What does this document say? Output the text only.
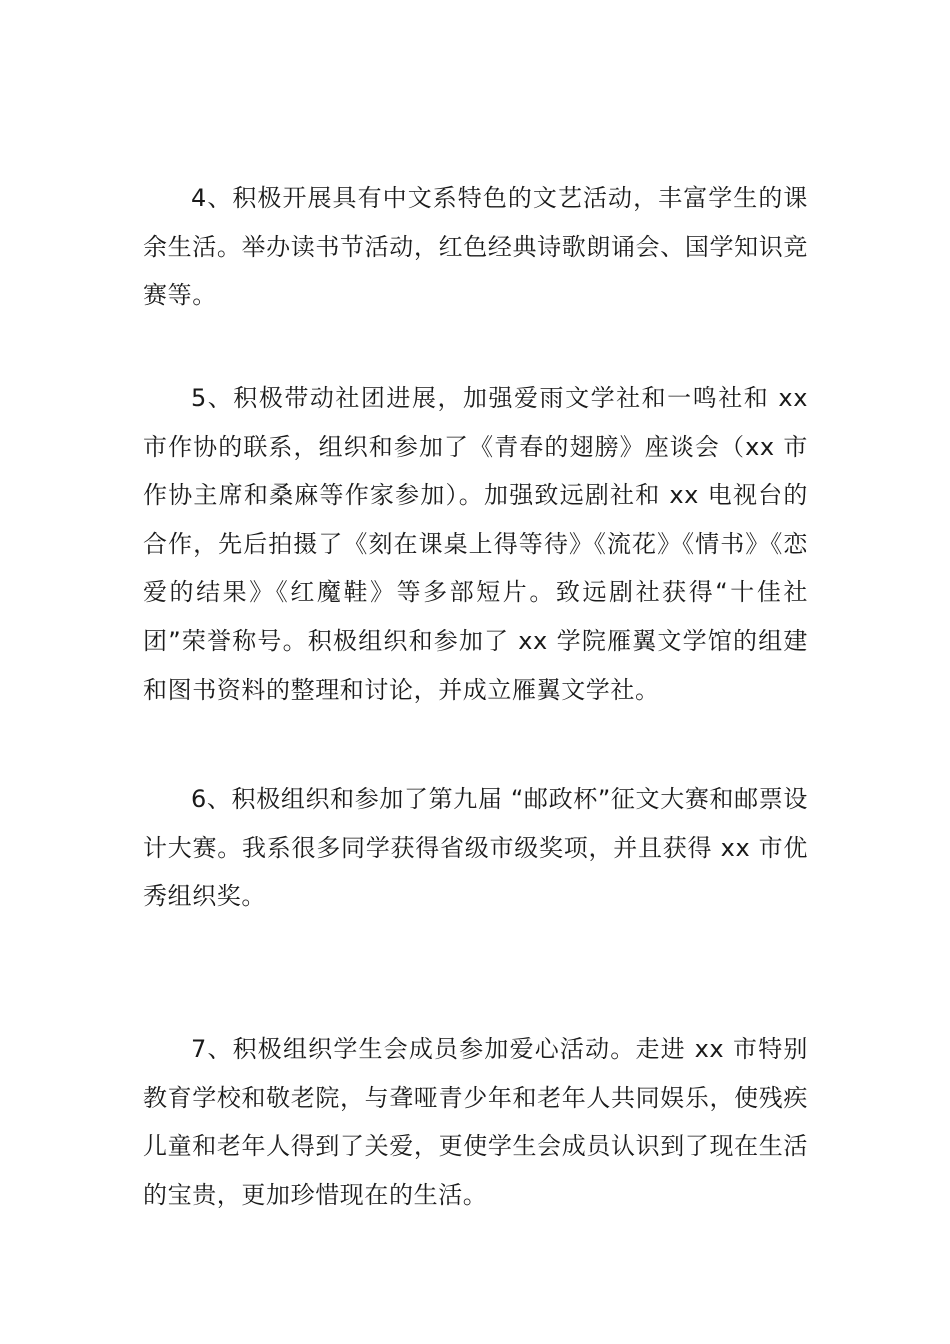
4、积极开展具有中文系特色的文艺活动，丰富学生的课余生活。举办读书节活动，红色经典诗歌朗诵会、国学知识竞赛等。

5、积极带动社团进展，加强爱雨文学社和一鸣社和 xx 市作协的联系，组织和参加了《青春的翅膀》座谈会（xx 市作协主席和桑麻等作家参加）。加强致远剧社和 xx 电视台的合作，先后拍摄了《刻在课桌上得等待》《流花》《情书》《恋爱的结果》《红魔鞋》等多部短片。致远剧社获得“十佳社团”荣誉称号。积极组织和参加了 xx 学院雁翼文学馆的组建和图书资料的整理和讨论，并成立雁翼文学社。

6、积极组织和参加了第九届 “邮政杯”征文大赛和邮票设计大赛。我系很多同学获得省级市级奖项，并且获得 xx 市优秀组织奖。

7、积极组织学生会成员参加爱心活动。走进 xx 市特别教育学校和敬老院，与聋哑青少年和老年人共同娱乐，使残疾儿童和老年人得到了关爱，更使学生会成员认识到了现在生活的宝贵，更加珍惜现在的生活。
